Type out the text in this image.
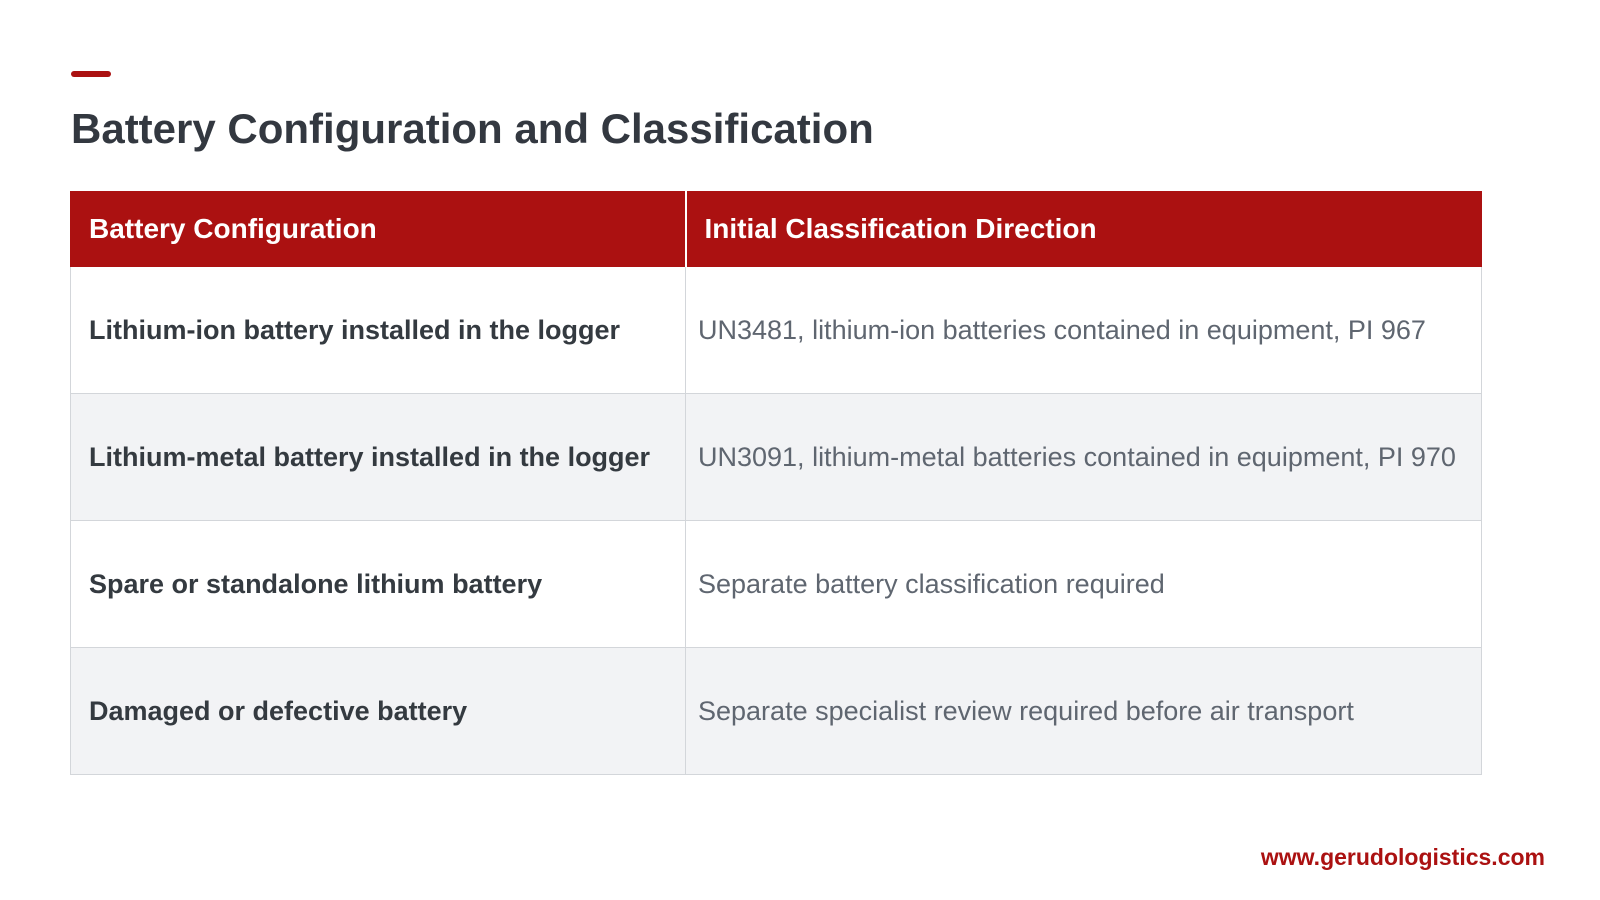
Battery Configuration and Classification
Battery Configuration	Initial Classification Direction
Lithium-ion battery installed in the logger	UN3481, lithium-ion batteries contained in equipment, PI 967
Lithium-metal battery installed in the logger	UN3091, lithium-metal batteries contained in equipment, PI 970
Spare or standalone lithium battery	Separate battery classification required
Damaged or defective battery	Separate specialist review required before air transport
www.gerudologistics.com
